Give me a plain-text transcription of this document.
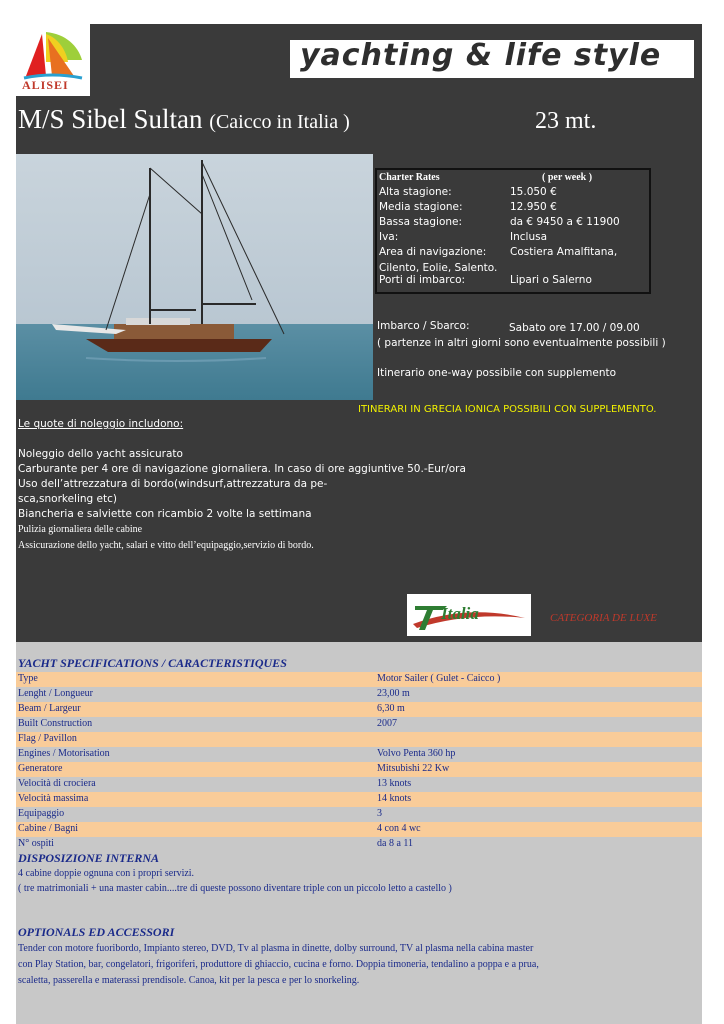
ALISEI
yachting & life style
M/S Sibel Sultan (Caicco in Italia )	23 mt.
Charter Rates	( per week )
Alta stagione:	15.050 €
Media stagione:	12.950 €
Bassa stagione:	da € 9450 a € 11900
Iva:	Inclusa
Area di navigazione: Costiera Amalfitana,
Cilento, Eolie, Salento.
Porti di imbarco:	Lipari o Salerno
Imbarco / Sbarco:	Sabato ore 17.00 / 09.00
( partenze in altri giorni sono eventualmente possibili )
Itinerario one-way possibile con supplemento
ITINERARI IN GRECIA IONICA POSSIBILI CON SUPPLEMENTO.
Le quote di noleggio includono:
Noleggio dello yacht assicurato
Carburante per 4 ore di navigazione giornaliera. In caso di ore aggiuntive 50.-Eur/ora
Uso dell’attrezzatura di bordo(windsurf,attrezzatura da pe-
sca,snorkeling etc)
Biancheria e salviette con ricambio 2 volte la settimana
Pulizia giornaliera delle cabine
Assicurazione dello yacht, salari e vitto dell’equipaggio,servizio di bordo.
Italia	CATEGORIA DE LUXE
YACHT SPECIFICATIONS / CARACTERISTIQUES
Type	Motor Sailer ( Gulet - Caicco )
Lenght / Longueur	23,00 m
Beam / Largeur	6,30 m
Built Construction	2007
Flag / Pavillon
Engines / Motorisation	Volvo Penta 360 hp
Generatore	Mitsubishi 22 Kw
Velocità di crociera	13 knots
Velocità massima	14 knots
Equipaggio	3
Cabine / Bagni	4 con 4 wc
N° ospiti	da 8 a 11
DISPOSIZIONE INTERNA
4 cabine doppie ognuna con i propri servizi.
( tre matrimoniali + una master cabin....tre di queste possono diventare triple con un piccolo letto a castello )
OPTIONALS ED ACCESSORI
Tender con motore fuoribordo, Impianto stereo, DVD, Tv al plasma in dinette, dolby surround, TV al plasma nella cabina master
con Play Station, bar, congelatori, frigoriferi, produttore di ghiaccio, cucina e forno. Doppia timoneria, tendalino a poppa e a prua,
scaletta, passerella e materassi prendisole. Canoa, kit per la pesca e per lo snorkeling.
